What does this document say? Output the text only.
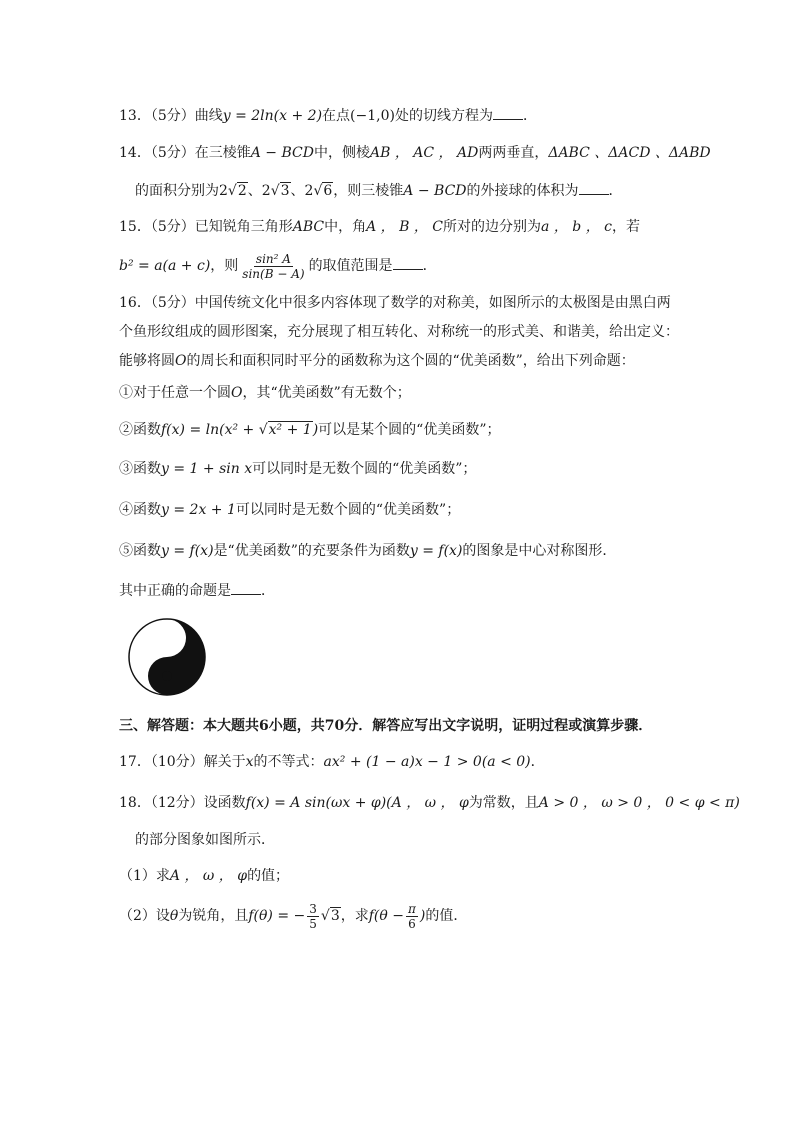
13．（5分）曲线y = 2ln(x + 2)在点(−1,0)处的切线方程为 ．
14．（5分）在三棱锥A − BCD中，侧棱AB ， AC ， AD两两垂直，ΔABC 、ΔACD 、ΔABD
的面积分别为2√2、2√3、2√6，则三棱锥A − BCD的外接球的体积为 ．
15．（5分）已知锐角三角形ABC中，角A ， B ， C所对的边分别为a ， b ， c，若
b² = a(a + c)，则 $\frac{\text{sin² A}}{\sin(B - A)}$ 的取值范围是 ．
16．（5分）中国传统文化中很多内容体现了数学的对称美，如图所示的太极图是由黑白两
个鱼形纹组成的圆形图案，充分展现了相互转化、对称统一的形式美、和谐美，给出定义：
能够将圆O的周长和面积同时平分的函数称为这个圆的“优美函数”，给出下列命题：
①对于任意一个圆O，其“优美函数”有无数个；
②函数f(x) = ln(x² + √x² + 1)可以是某个圆的“优美函数”；
③函数y = 1 + sin x可以同时是无数个圆的“优美函数”；
④函数y = 2x + 1可以同时是无数个圆的“优美函数”；
⑤函数y = f(x)是“优美函数”的充要条件为函数y = f(x)的图象是中心对称图形．
其中正确的命题是 ．
三、解答题：本大题共6小题，共70分．解答应写出文字说明，证明过程或演算步骤．
17．（10分）解关于x的不等式：ax² + (1 − a)x − 1 > 0(a < 0)．
18．（12分）设函数f(x) = A sin(ωx + φ)(A ， ω ， φ为常数，且A > 0 ， ω > 0 ， 0 < φ < π)
的部分图象如图所示．
（1）求A ， ω ， φ的值；
（2）设θ为锐角，且f(θ) = − $\frac{3}{5} √3$，求$f(\theta - \frac{\pi}{6}$ )的值．
